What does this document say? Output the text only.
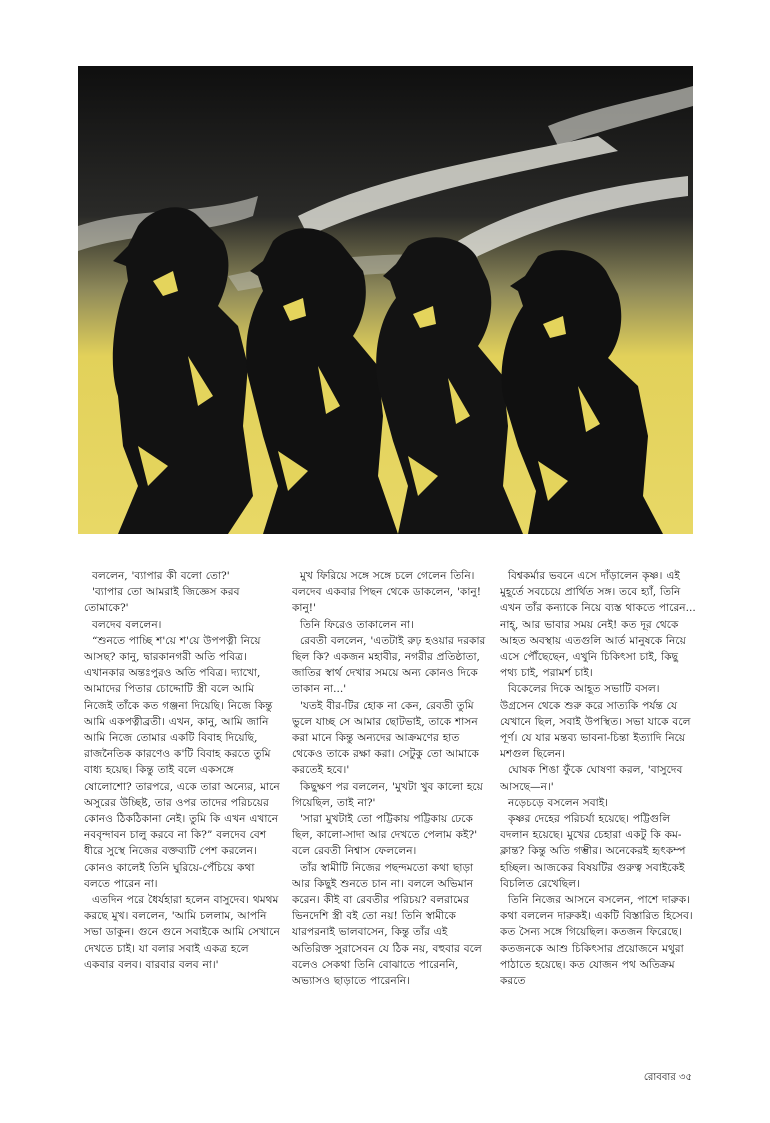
বললেন, 'ব্যাপার কী বলো তো?'

'ব্যাপার তো আমরাই জিজ্ঞেস করব তোমাকে?'

বলদেব বললেন।

“শুনতে পাচ্ছি শ'য়ে শ'য়ে উপপত্নী নিয়ে আসছ? কানু, দ্বারকানগরী অতি পবিত্র। এখানকার অন্তঃপুরও অতি পবিত্র। দ্যাখো, আমাদের পিতার চোদ্দোটি স্ত্রী বলে আমি নিজেই তাঁকে কত গঞ্জনা দিয়েছি। নিজে কিন্তু আমি একপত্নীব্রতী। এখন, কানু, আমি জানি আমি নিজে তোমার একটি বিবাহ দিয়েছি, রাজনৈতিক কারণেও ক'টি বিবাহ করতে তুমি বাধ্য হয়েছ। কিন্তু তাই বলে একসঙ্গে ষোলোশো? তারপরে, একে তারা অন্যের, মানে অসুরের উচ্ছিষ্ট, তার ওপর তাদের পরিচয়ের কোনও ঠিকঠিকানা নেই। তুমি কি এখন এখানে নববৃন্দাবন চালু করবে না কি?” বলদেব বেশ ধীরে সুস্থে নিজের বক্তব্যটি পেশ করলেন। কোনও কালেই তিনি ঘুরিয়ে-পেঁচিয়ে কথা বলতে পারেন না।

এতদিন পরে ধৈর্যহারা হলেন বাসুদেব। থমথম করছে মুখ। বললেন, 'আমি চললাম, আপনি সভা ডাকুন। গুনে গুনে সবাইকে আমি সেখানে দেখতে চাই। যা বলার সবাই একত্র হলে একবার বলব। বারবার বলব না।'

মুখ ফিরিয়ে সঙ্গে সঙ্গে চলে গেলেন তিনি। বলদেব একবার পিছন থেকে ডাকলেন, 'কানু! কানু!'

তিনি ফিরেও তাকালেন না।

রেবতী বললেন, 'এতটাই রুঢ় হওয়ার দরকার ছিল কি? একজন মহাবীর, নগরীর প্রতিষ্ঠাতা, জাতির স্বার্থ দেখার সময়ে অন্য কোনও দিকে তাকান না...'

'যতই বীর-টির হোক না কেন, রেবতী তুমি ভুলে যাচ্ছ সে আমার ছোটভাই, তাকে শাসন করা মানে কিন্তু অন্যদের আক্রমণের হাত থেকেও তাকে রক্ষা করা। সেটুকু তো আমাকে করতেই হবে।'

কিছুক্ষণ পর বললেন, 'মুখটা খুব কালো হয়ে গিয়েছিল, তাই না?'

'সারা মুখটাই তো পট্টিকায় পট্টিকায় ঢেকে ছিল, কালো-সাদা আর দেখতে পেলাম কই?' বলে রেবতী নিশ্বাস ফেললেন।

তাঁর স্বামীটি নিজের পছন্দমতো কথা ছাড়া আর কিছুই শুনতে চান না। বললে অভিমান করেন। কীই বা রেবতীর পরিচয়? বলরামের ভিনদেশি স্ত্রী বই তো নয়! তিনি স্বামীকে যারপরনাই ভালবাসেন, কিন্তু তাঁর এই অতিরিক্ত সুরাসেবন যে ঠিক নয়, বহুবার বলে বলেও সেকথা তিনি বোঝাতে পারেননি, অভ্যাসও ছাড়াতে পারেননি।

বিশ্বকর্মার ভবনে এসে দাঁড়ালেন কৃষ্ণ। এই মুহূর্তে সবচেয়ে প্রার্থিত সঙ্গ। তবে হ্যাঁ, তিনি এখন তাঁর কন্যাকে নিয়ে ব্যস্ত থাকতে পারেন... নাহ্, আর ভাবার সময় নেই! কত দূর থেকে আহত অবস্থায় এতগুলি আর্ত মানুষকে নিয়ে এসে পৌঁছেছেন, এখুনি চিকিৎসা চাই, কিছু পথ্য চাই, পরামর্শ চাই।

বিকেলের দিকে আহূত সভাটি বসল। উগ্রসেন থেকে শুরু করে সাত্যকি পর্যন্ত যে যেখানে ছিল, সবাই উপস্থিত। সভা যাকে বলে পূর্ণ। যে যার মন্তব্য ভাবনা-চিন্তা ইত্যাদি নিয়ে মশগুল ছিলেন।

ঘোষক শিঙা ফুঁকে ঘোষণা করল, 'বাসুদেব আসছে—ন।'

নড়েচড়ে বসলেন সবাই।

কৃষ্ণর দেহের পরিচর্যা হয়েছে। পট্টিগুলি বদলান হয়েছে। মুখের চেহারা একটু কি কম-ক্লান্ত? কিন্তু অতি গম্ভীর। অনেকেরই হৃৎকম্প হচ্ছিল। আজকের বিষয়টির গুরুত্ব সবাইকেই বিচলিত রেখেছিল।

তিনি নিজের আসনে বসলেন, পাশে দারুক। কথা বললেন দারুকই। একটি বিস্তারিত হিসেব। কত সৈন্য সঙ্গে গিয়েছিল। কতজন ফিরেছে। কতজনকে আশু চিকিৎসার প্রয়োজনে মথুরা পাঠাতে হয়েছে। কত যোজন পথ অতিক্রম করতে

রোববার ৩৫
